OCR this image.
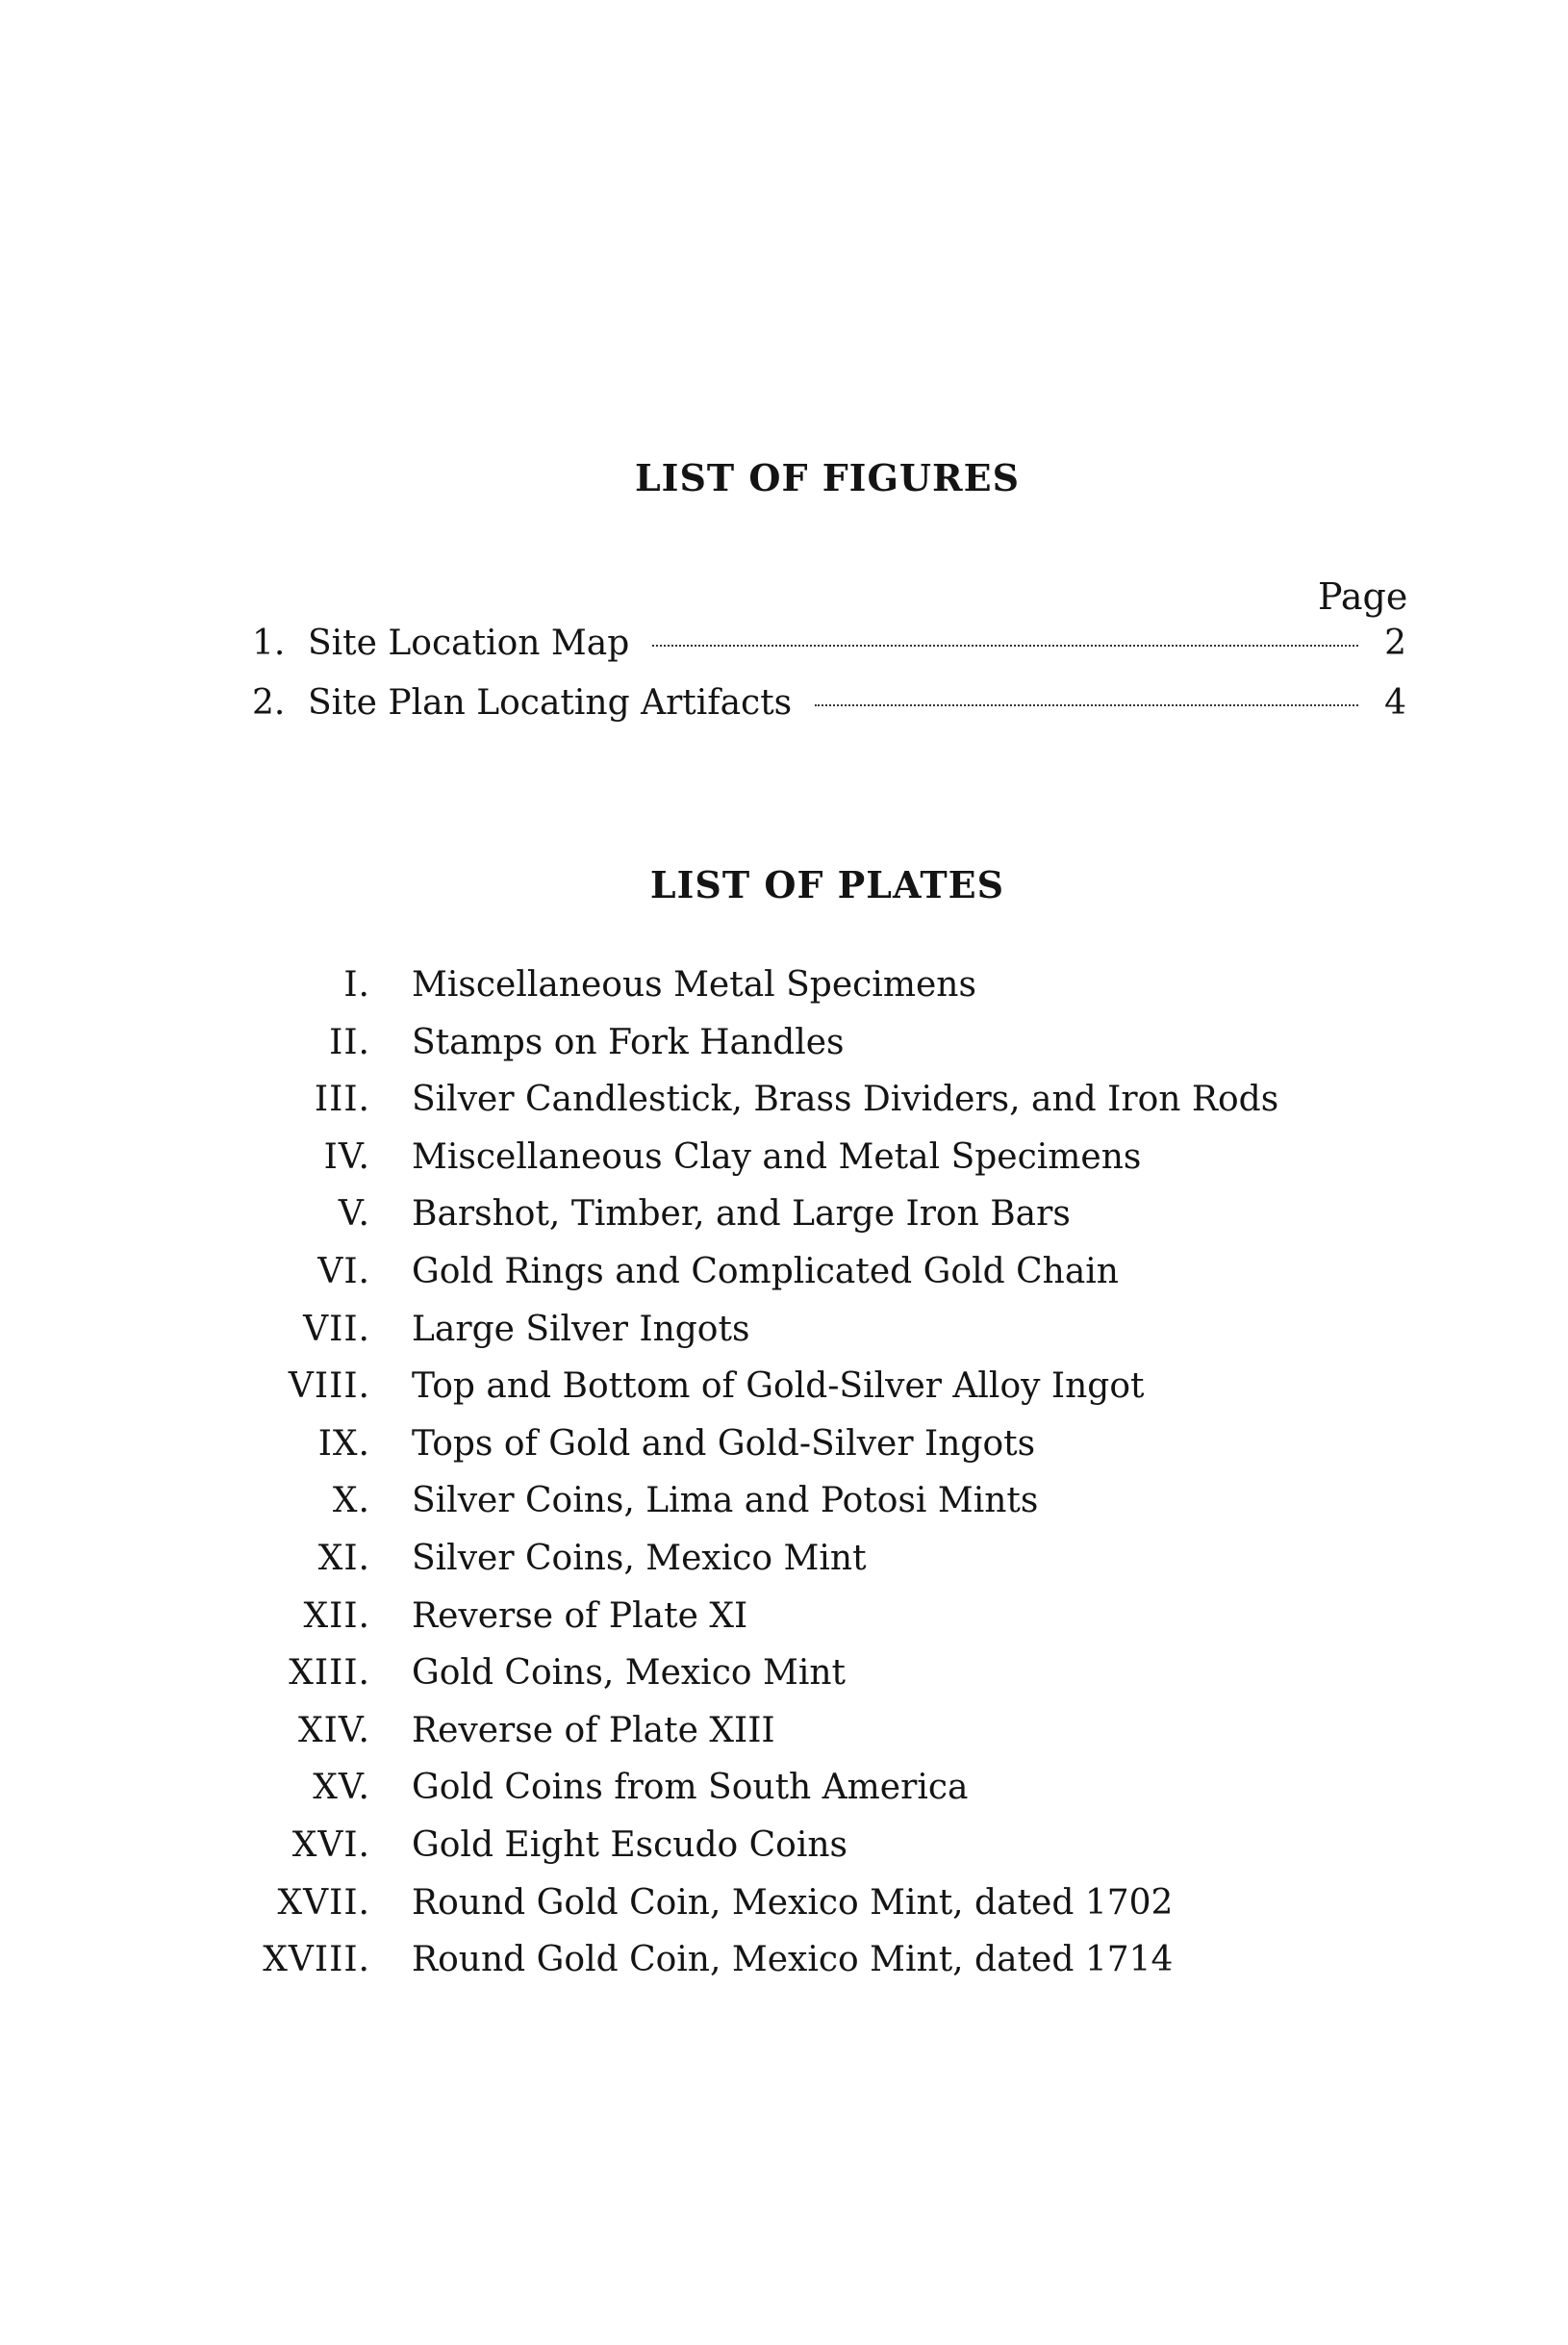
LIST OF FIGURES
Page
1. Site Location Map	2
2. Site Plan Locating Artifacts	4
LIST OF PLATES
I.	Miscellaneous Metal Specimens
II.	Stamps on Fork Handles
III.	Silver Candlestick, Brass Dividers, and Iron Rods
IV.	Miscellaneous Clay and Metal Specimens
V.	Barshot, Timber, and Large Iron Bars
VI.	Gold Rings and Complicated Gold Chain
VII.	Large Silver Ingots
VIII.	Top and Bottom of Gold-Silver Alloy Ingot
IX.	Tops of Gold and Gold-Silver Ingots
X.	Silver Coins, Lima and Potosi Mints
XI.	Silver Coins, Mexico Mint
XII.	Reverse of Plate XI
XIII.	Gold Coins, Mexico Mint
XIV.	Reverse of Plate XIII
XV.	Gold Coins from South America
XVI.	Gold Eight Escudo Coins
XVII.	Round Gold Coin, Mexico Mint, dated 1702
XVIII.	Round Gold Coin, Mexico Mint, dated 1714
